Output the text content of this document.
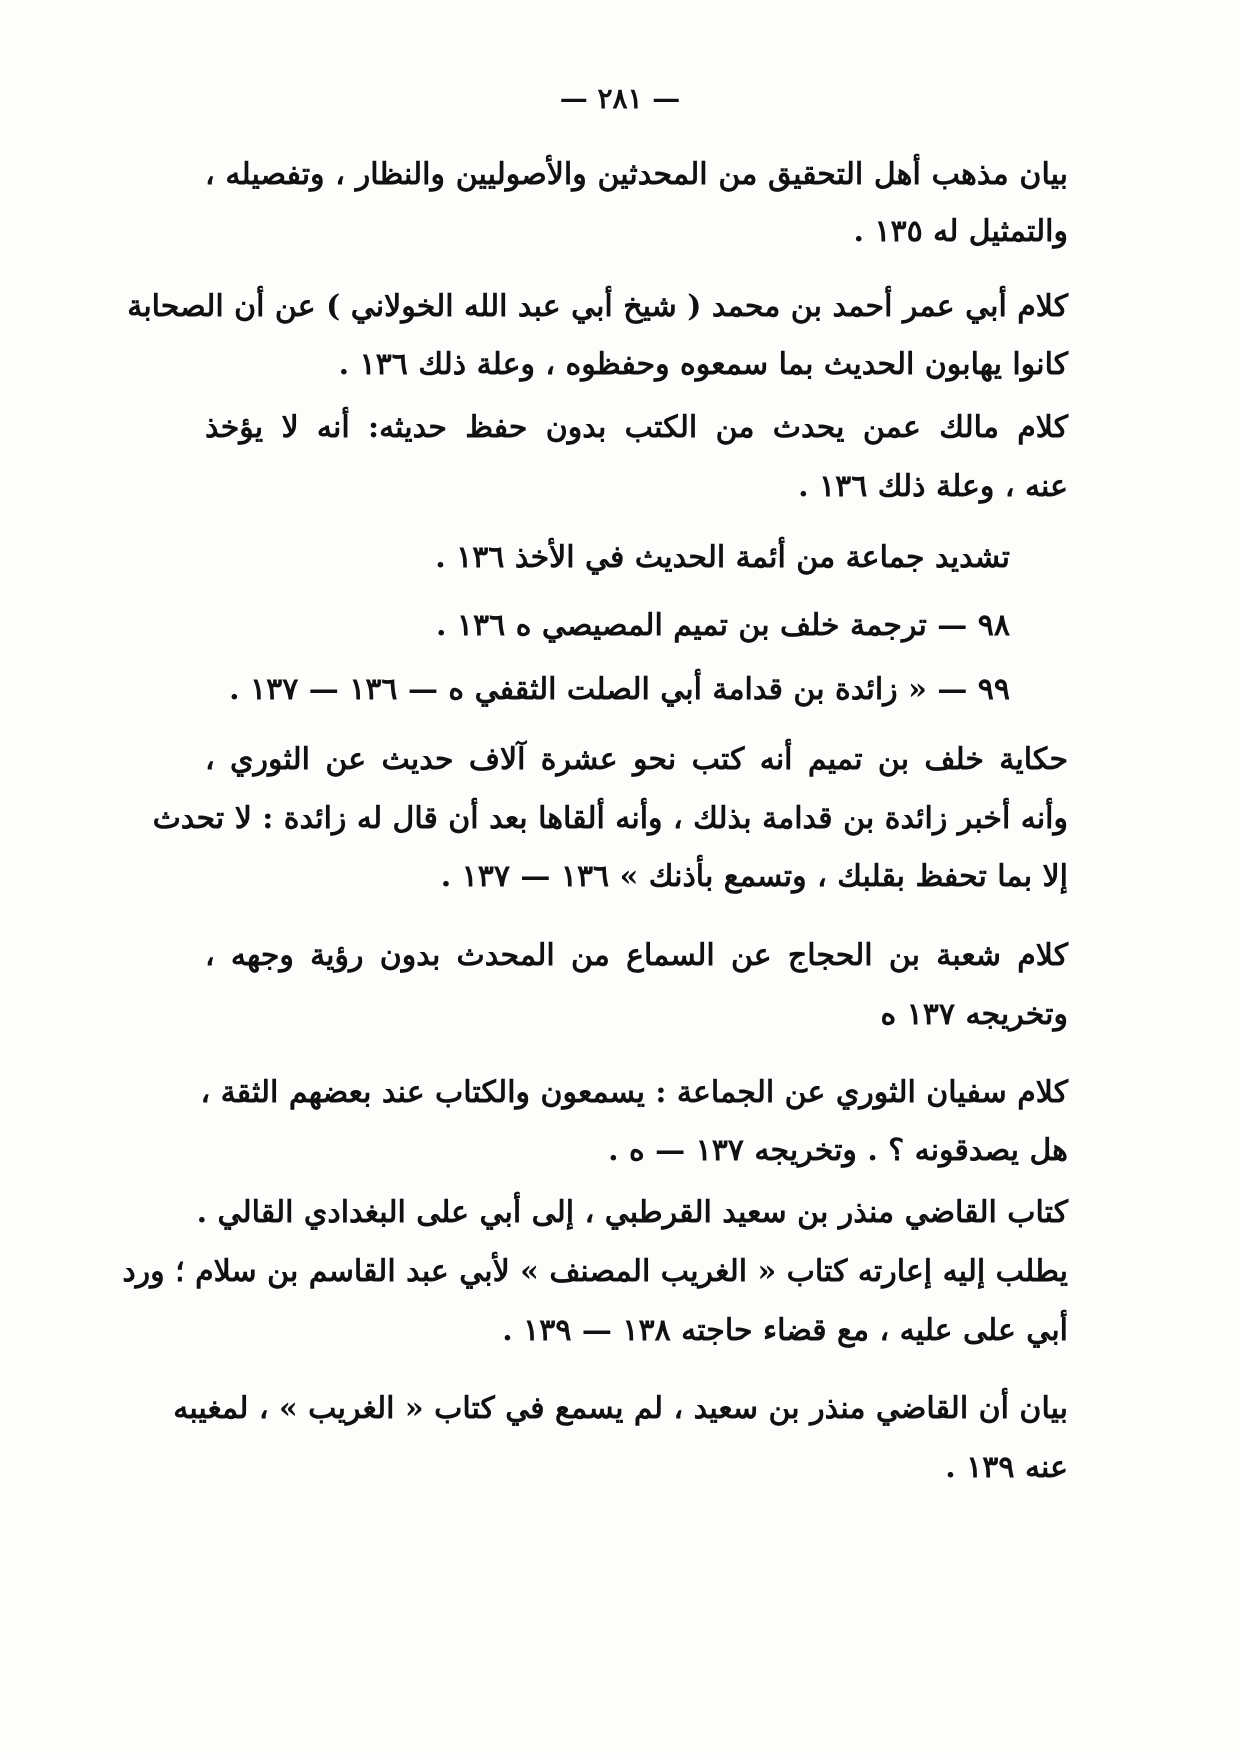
— ٢٨١ —
بيان مذهب أهل التحقيق من المحدثين والأصوليين والنظار ، وتفصيله ،
والتمثيل له ١٣٥ .
كلام أبي عمر أحمد بن محمد ( شيخ أبي عبد الله الخولاني ) عن أن الصحابة
كانوا يهابون الحديث بما سمعوه وحفظوه ، وعلة ذلك ١٣٦ .
كلام مالك عمن يحدث من الكتب بدون حفظ حديثه: أنه لا يؤخذ
عنه ، وعلة ذلك ١٣٦ .
تشديد جماعة من أئمة الحديث في الأخذ ١٣٦ .
٩٨ — ترجمة خلف بن تميم المصيصي ه ١٣٦ .
٩٩ — « زائدة بن قدامة أبي الصلت الثقفي ه — ١٣٦ — ١٣٧ .
حكاية خلف بن تميم أنه كتب نحو عشرة آلاف حديث عن الثوري ،
وأنه أخبر زائدة بن قدامة بذلك ، وأنه ألقاها بعد أن قال له زائدة : لا تحدث
إلا بما تحفظ بقلبك ، وتسمع بأذنك » ١٣٦ — ١٣٧ .
كلام شعبة بن الحجاج عن السماع من المحدث بدون رؤية وجهه ،
وتخريجه ١٣٧ ه
كلام سفيان الثوري عن الجماعة : يسمعون والكتاب عند بعضهم الثقة ،
هل يصدقونه ؟ . وتخريجه ١٣٧ — ه .
كتاب القاضي منذر بن سعيد القرطبي ، إلى أبي على البغدادي القالي .
يطلب إليه إعارته كتاب « الغريب المصنف » لأبي عبد القاسم بن سلام ؛ ورد
أبي على عليه ، مع قضاء حاجته ١٣٨ — ١٣٩ .
بيان أن القاضي منذر بن سعيد ، لم يسمع في كتاب « الغريب » ، لمغيبه
عنه ١٣٩ .
